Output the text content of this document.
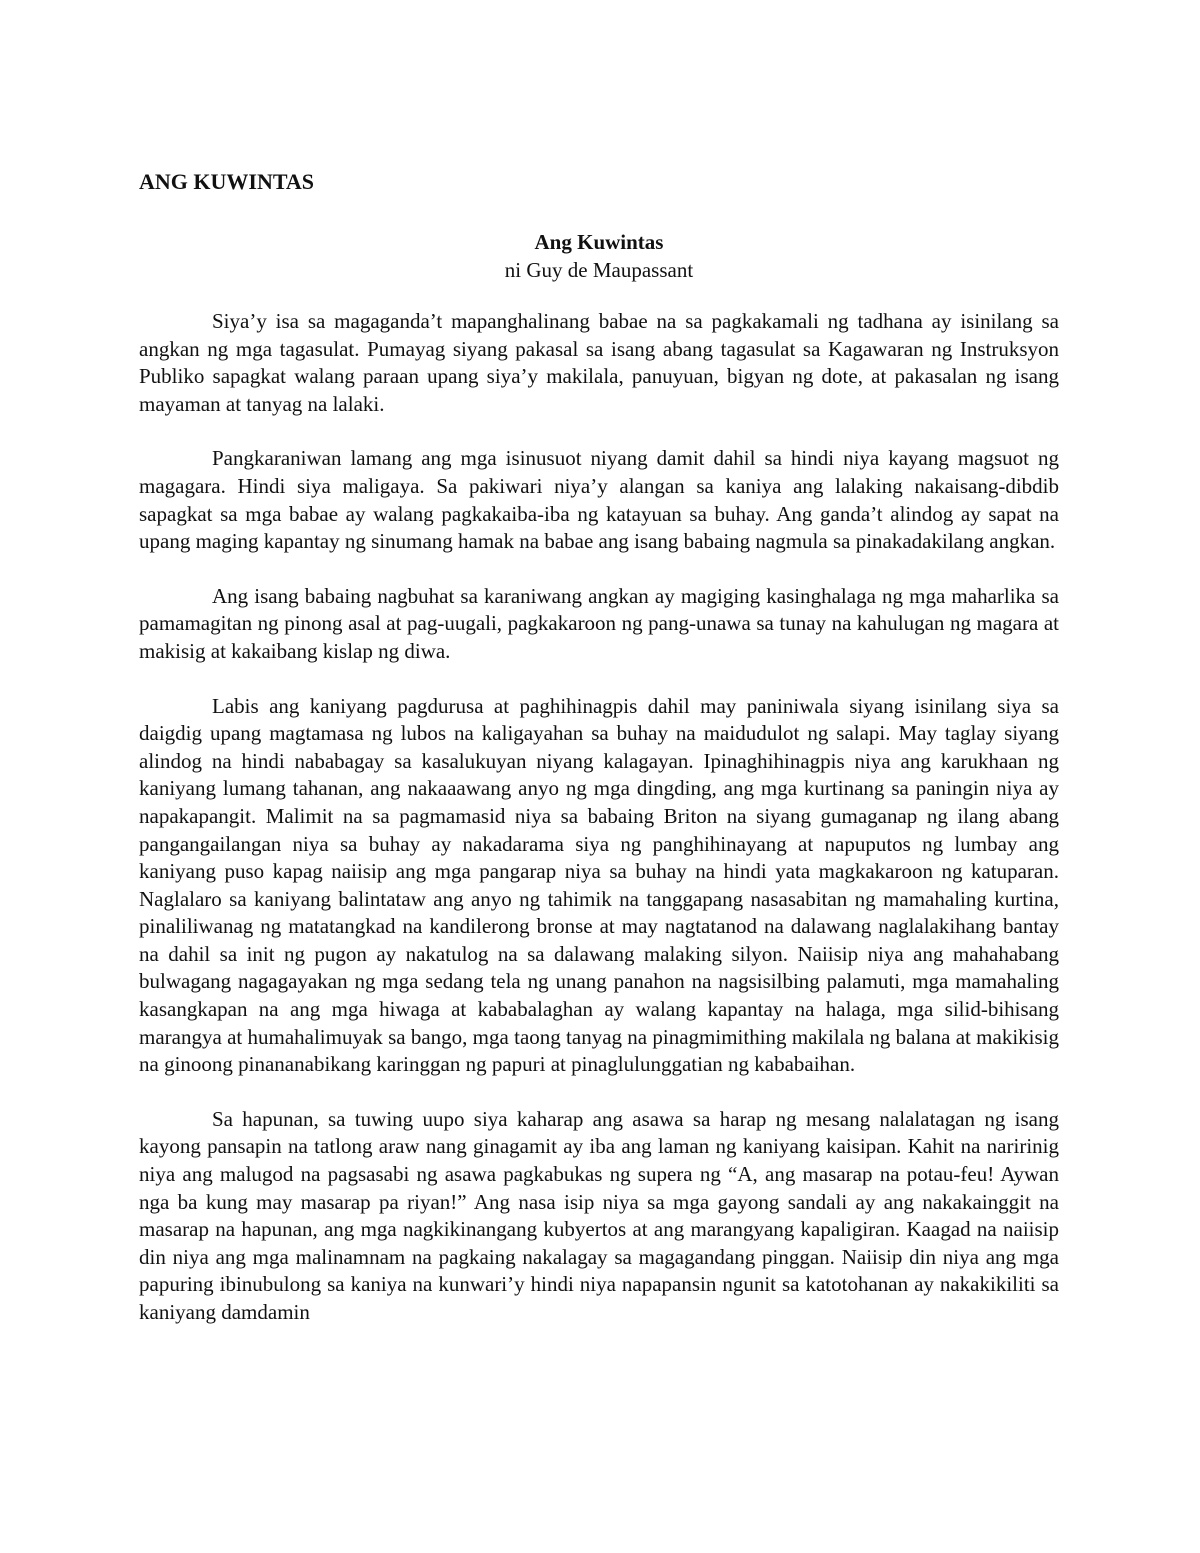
ANG KUWINTAS

Ang Kuwintas

ni Guy de Maupassant

Siya’y isa sa magaganda’t mapanghalinang babae na sa pagkakamali ng tadhana ay isinilang sa angkan ng mga tagasulat. Pumayag siyang pakasal sa isang abang tagasulat sa Kagawaran ng Instruksyon Publiko sapagkat walang paraan upang siya’y makilala, panuyuan, bigyan ng dote, at pakasalan ng isang mayaman at tanyag na lalaki.

Pangkaraniwan lamang ang mga isinusuot niyang damit dahil sa hindi niya kayang magsuot ng magagara. Hindi siya maligaya. Sa pakiwari niya’y alangan sa kaniya ang lalaking nakaisang-dibdib sapagkat sa mga babae ay walang pagkakaiba-iba ng katayuan sa buhay. Ang ganda’t alindog ay sapat na upang maging kapantay ng sinumang hamak na babae ang isang babaing nagmula sa pinakadakilang angkan.

Ang isang babaing nagbuhat sa karaniwang angkan ay magiging kasinghalaga ng mga maharlika sa pamamagitan ng pinong asal at pag-uugali, pagkakaroon ng pang-unawa sa tunay na kahulugan ng magara at makisig at kakaibang kislap ng diwa.

Labis ang kaniyang pagdurusa at paghihinagpis dahil may paniniwala siyang isinilang siya sa daigdig upang magtamasa ng lubos na kaligayahan sa buhay na maidudulot ng salapi. May taglay siyang alindog na hindi nababagay sa kasalukuyan niyang kalagayan. Ipinaghihinagpis niya ang karukhaan ng kaniyang lumang tahanan, ang nakaaawang anyo ng mga dingding, ang mga kurtinang sa paningin niya ay napakapangit. Malimit na sa pagmamasid niya sa babaing Briton na siyang gumaganap ng ilang abang pangangailangan niya sa buhay ay nakadarama siya ng panghihinayang at napuputos ng lumbay ang kaniyang puso kapag naiisip ang mga pangarap niya sa buhay na hindi yata magkakaroon ng katuparan. Naglalaro sa kaniyang balintataw ang anyo ng tahimik na tanggapang nasasabitan ng mamahaling kurtina, pinaliliwanag ng matatangkad na kandilerong bronse at may nagtatanod na dalawang naglalakihang bantay na dahil sa init ng pugon ay nakatulog na sa dalawang malaking silyon. Naiisip niya ang mahahabang bulwagang nagagayakan ng mga sedang tela ng unang panahon na nagsisilbing palamuti, mga mamahaling kasangkapan na ang mga hiwaga at kababalaghan ay walang kapantay na halaga, mga silid-bihisang marangya at humahalimuyak sa bango, mga taong tanyag na pinagmimithing makilala ng balana at makikisig na ginoong pinananabikang karinggan ng papuri at pinaglulunggatian ng kababaihan.

Sa hapunan, sa tuwing uupo siya kaharap ang asawa sa harap ng mesang nalalatagan ng isang kayong pansapin na tatlong araw nang ginagamit ay iba ang laman ng kaniyang kaisipan. Kahit na naririnig niya ang malugod na pagsasabi ng asawa pagkabukas ng supera ng “A, ang masarap na potau-feu! Aywan nga ba kung may masarap pa riyan!” Ang nasa isip niya sa mga gayong sandali ay ang nakakainggit na masarap na hapunan, ang mga nagkikinangang kubyertos at ang marangyang kapaligiran. Kaagad na naiisip din niya ang mga malinamnam na pagkaing nakalagay sa magagandang pinggan. Naiisip din niya ang mga papuring ibinubulong sa kaniya na kunwari’y hindi niya napapansin ngunit sa katotohanan ay nakakikiliti sa kaniyang damdamin
